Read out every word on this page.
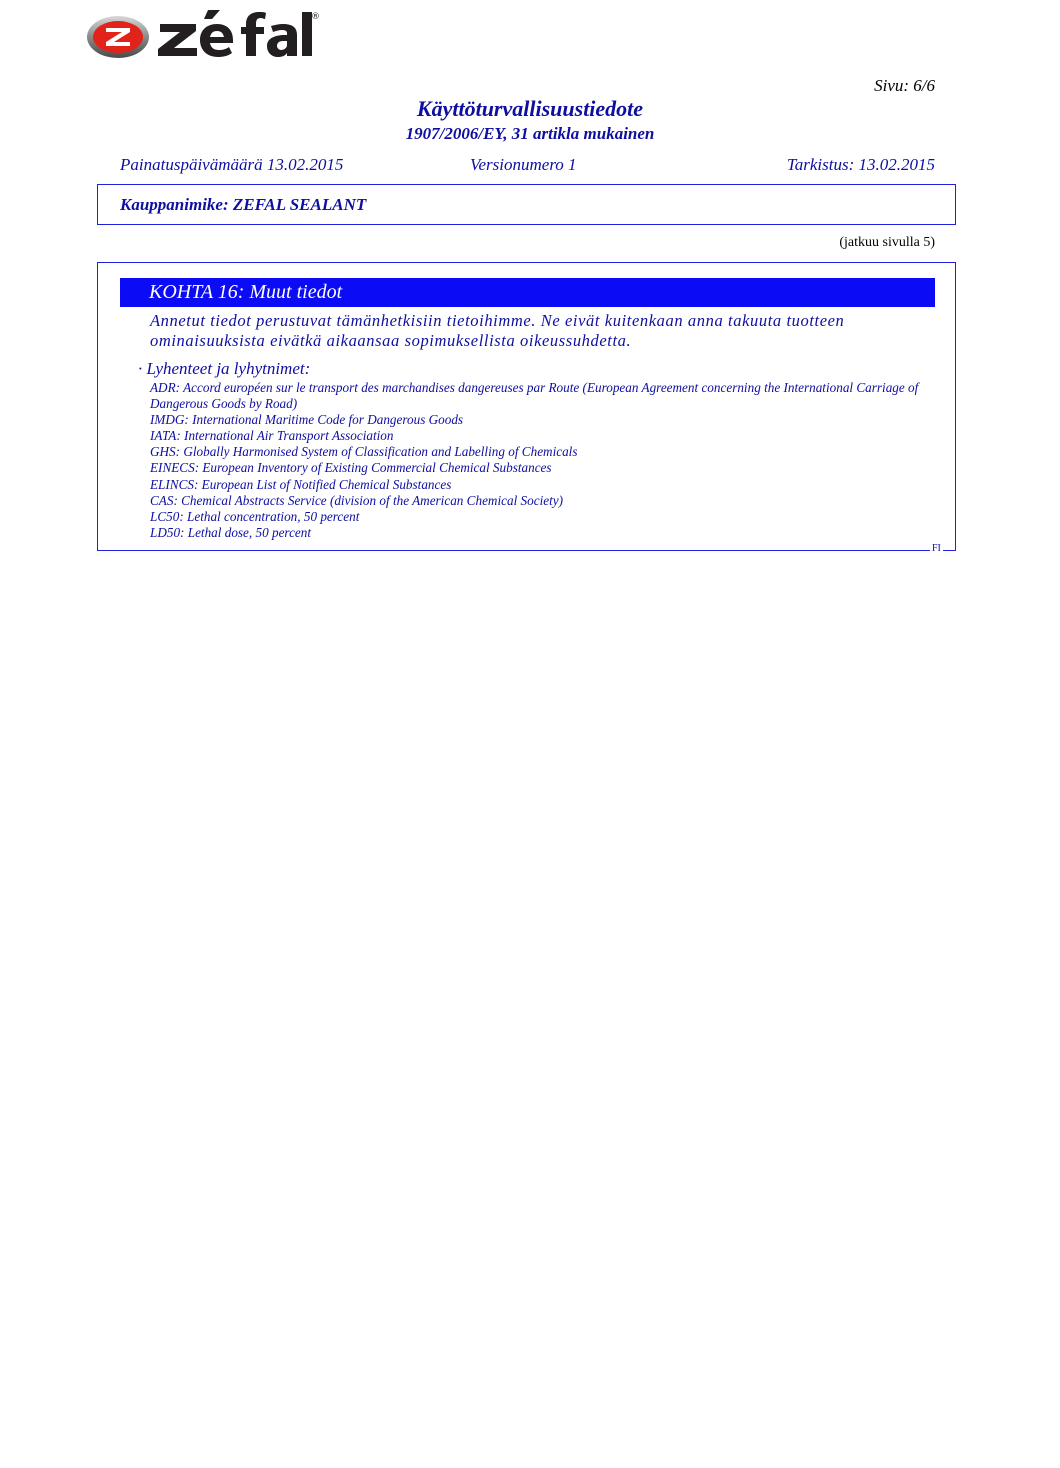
®
Sivu: 6/6
Käyttöturvallisuustiedote
1907/2006/EY, 31 artikla mukainen
Painatuspäivämäärä 13.02.2015	Versionumero 1	Tarkistus: 13.02.2015
Kauppanimike: ZEFAL SEALANT
(jatkuu sivulla 5)
KOHTA 16: Muut tiedot
Annetut tiedot perustuvat tämänhetkisiin tietoihimme. Ne eivät kuitenkaan anna takuuta tuotteen ominaisuuksista eivätkä aikaansaa sopimuksellista oikeussuhdetta.
· Lyhenteet ja lyhytnimet:
ADR: Accord européen sur le transport des marchandises dangereuses par Route (European Agreement concerning the International Carriage of Dangerous Goods by Road)
IMDG: International Maritime Code for Dangerous Goods
IATA: International Air Transport Association
GHS: Globally Harmonised System of Classification and Labelling of Chemicals
EINECS: European Inventory of Existing Commercial Chemical Substances
ELINCS: European List of Notified Chemical Substances
CAS: Chemical Abstracts Service (division of the American Chemical Society)
LC50: Lethal concentration, 50 percent
LD50: Lethal dose, 50 percent
FI
